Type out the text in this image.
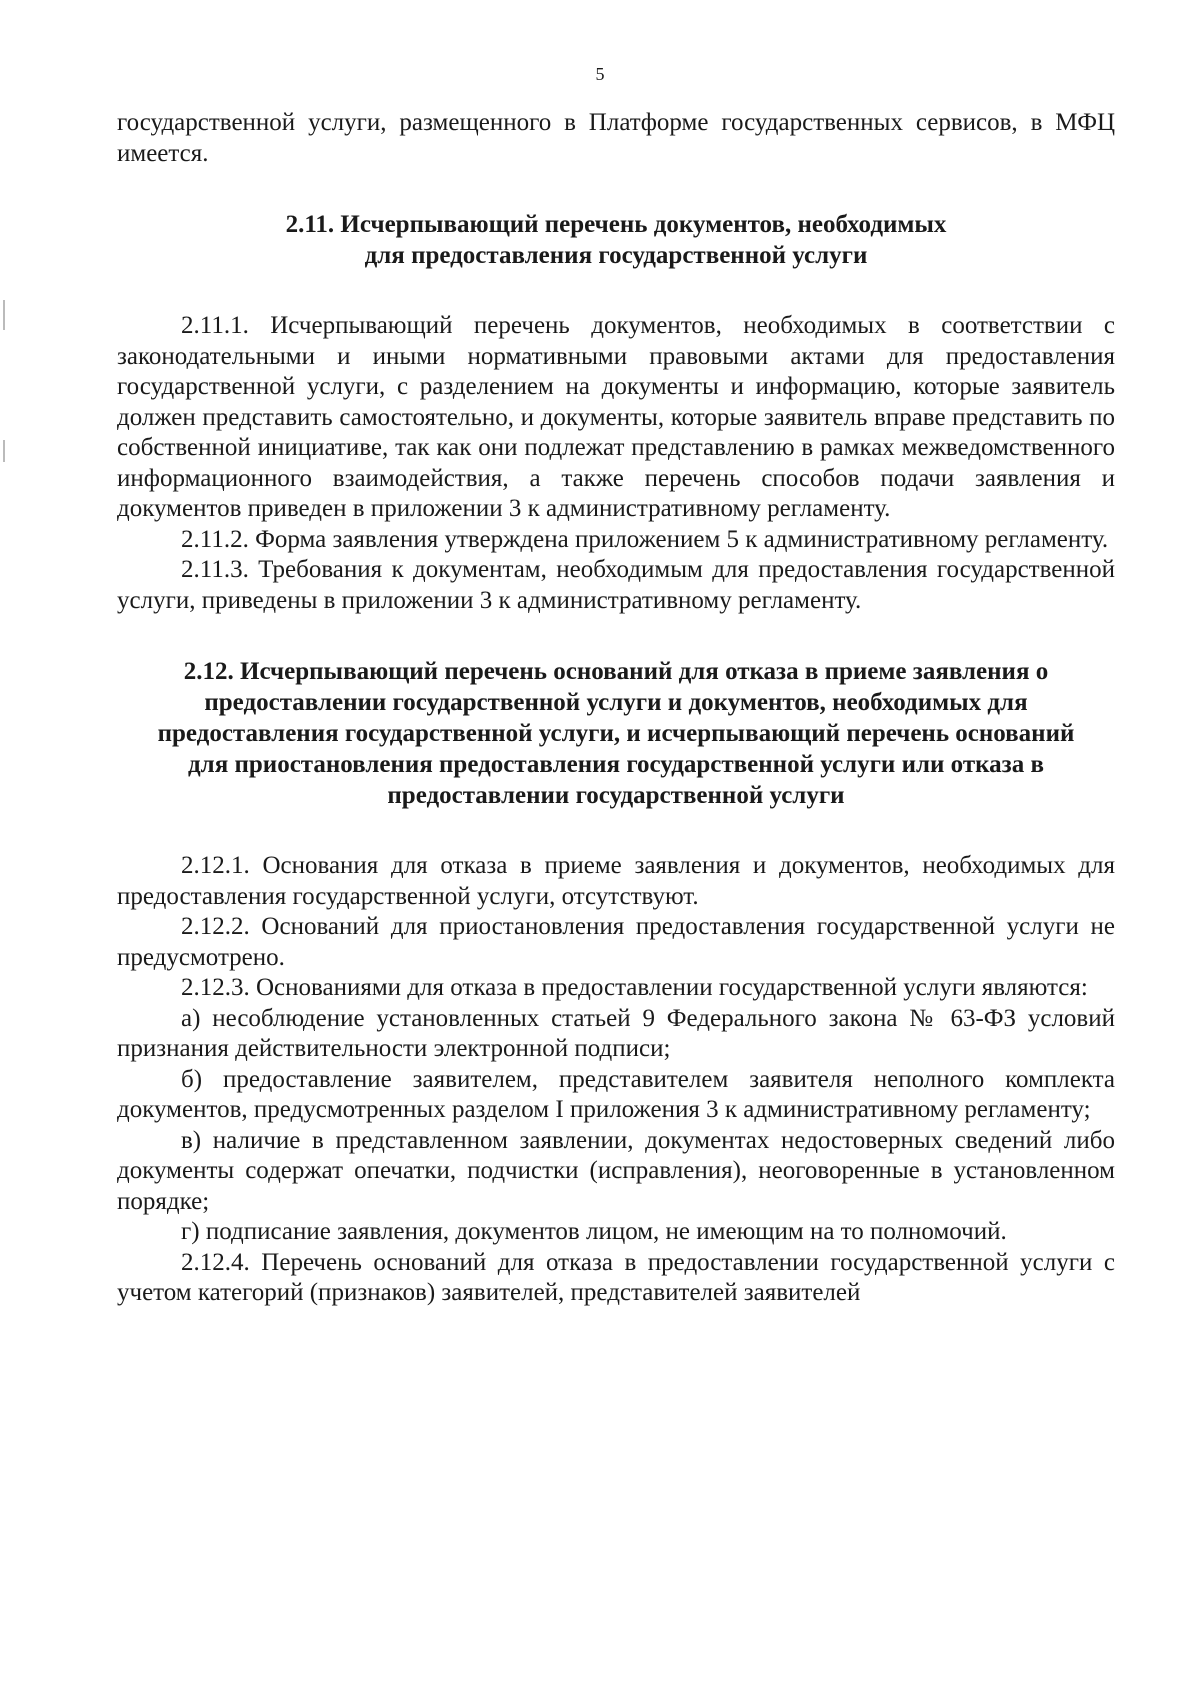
5

государственной услуги, размещенного в Платформе государственных сервисов, в МФЦ имеется.

2.11. Исчерпывающий перечень документов, необходимых для предоставления государственной услуги

2.11.1. Исчерпывающий перечень документов, необходимых в соответствии с законодательными и иными нормативными правовыми актами для предоставления государственной услуги, с разделением на документы и информацию, которые заявитель должен представить самостоятельно, и документы, которые заявитель вправе представить по собственной инициативе, так как они подлежат представлению в рамках межведомственного информационного взаимодействия, а также перечень способов подачи заявления и документов приведен в приложении 3 к административному регламенту.

2.11.2. Форма заявления утверждена приложением 5 к административному регламенту.

2.11.3. Требования к документам, необходимым для предоставления государственной услуги, приведены в приложении 3 к административному регламенту.

2.12. Исчерпывающий перечень оснований для отказа в приеме заявления о предоставлении государственной услуги и документов, необходимых для предоставления государственной услуги, и исчерпывающий перечень оснований для приостановления предоставления государственной услуги или отказа в предоставлении государственной услуги

2.12.1. Основания для отказа в приеме заявления и документов, необходимых для предоставления государственной услуги, отсутствуют.

2.12.2. Оснований для приостановления предоставления государственной услуги не предусмотрено.

2.12.3. Основаниями для отказа в предоставлении государственной услуги являются:

а) несоблюдение установленных статьей 9 Федерального закона № 63-ФЗ условий признания действительности электронной подписи;

б) предоставление заявителем, представителем заявителя неполного комплекта документов, предусмотренных разделом I приложения 3 к административному регламенту;

в) наличие в представленном заявлении, документах недостоверных сведений либо документы содержат опечатки, подчистки (исправления), неоговоренные в установленном порядке;

г) подписание заявления, документов лицом, не имеющим на то полномочий.

2.12.4. Перечень оснований для отказа в предоставлении государственной услуги с учетом категорий (признаков) заявителей, представителей заявителей
